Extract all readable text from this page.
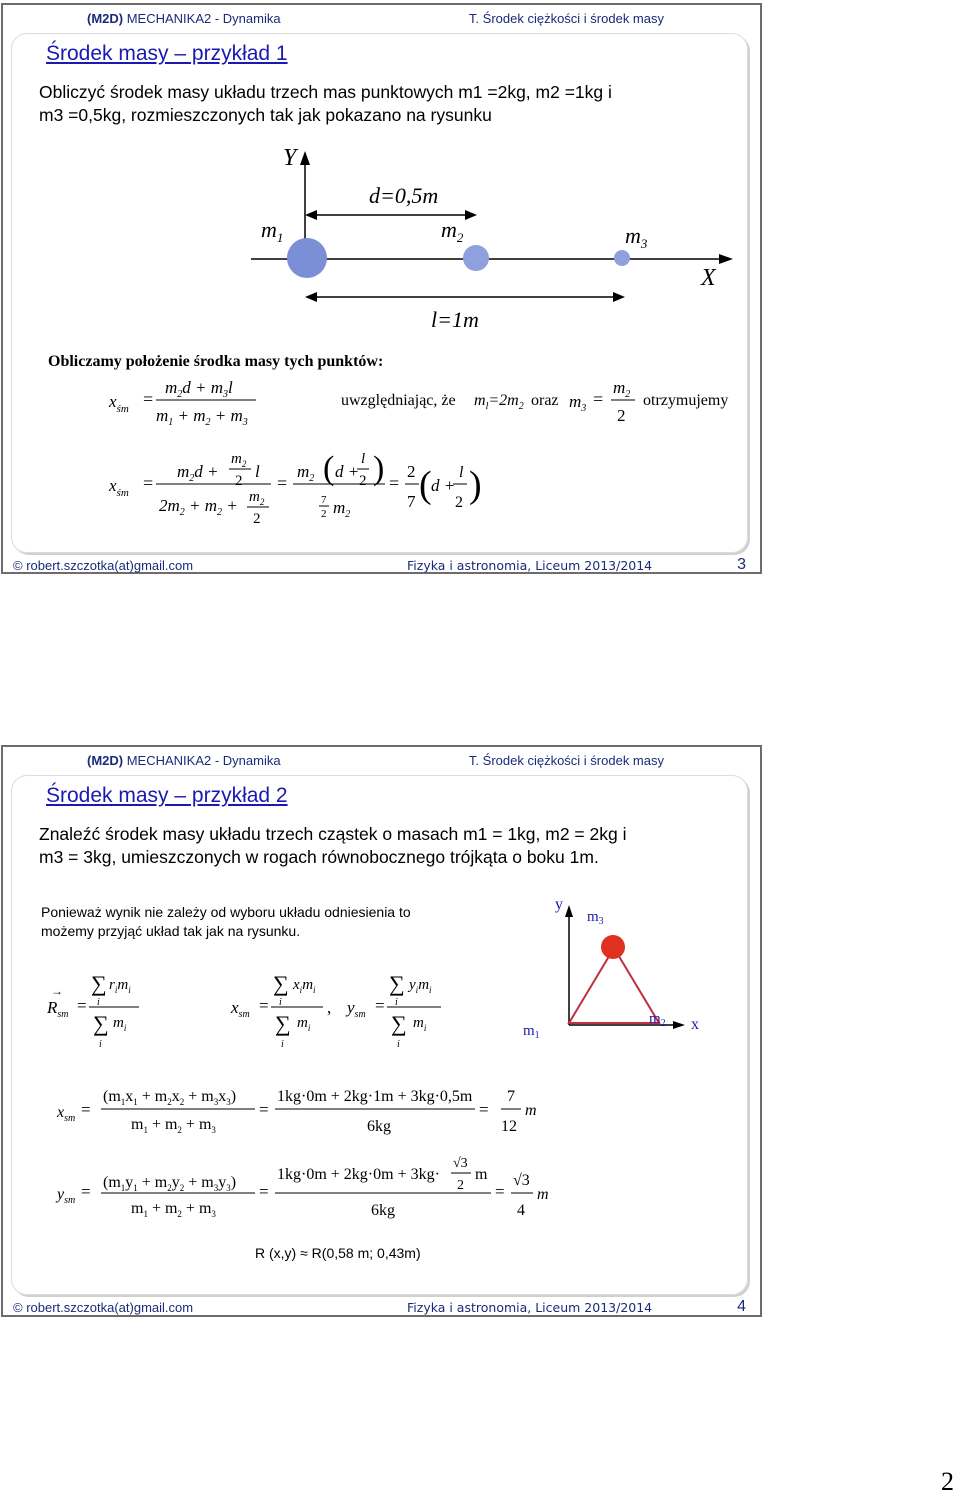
(M2D) MECHANIKA2 - Dynamika	T. Środek ciężkości i środek masy
Środek masy – przykład 1
Obliczyć środek masy układu trzech mas punktowych m1 =2kg, m2 =1kg i
m3 =0,5kg, rozmieszczonych tak jak pokazano na rysunku
Y
X
d=0,5m
l=1m
$m_1$	$m_2$	$m_3$
Obliczamy położenie środka masy tych punktów:
$x_{śm}$ =
$m_2d + m_3l$
$m_1 + m_2 + m_3$
uwzględniając, że $m_l=2m_2$ oraz $m_3$ =
$m_2$
2
otrzymujemy
$x_{śm}$ =
$m_2d$ +
$m_2$
2 l
$2m_2 + m_2 + m_2$
2
=
$m_2$ ( d +
l
2 )
7
2 $m_2$
=
2
7 ( d +
l
2 )
© robert.szczotka(at)gmail.com	Fizyka i astronomia, Liceum 2013/2014	3
(M2D) MECHANIKA2 - Dynamika	T. Środek ciężkości i środek masy
Środek masy – przykład 2
Znaleźć środek masy układu trzech cząstek o masach m1 = 1kg, m2 = 2kg i
m3 = 3kg, umieszczonych w rogach równobocznego trójkąta o boku 1m.
Ponieważ wynik nie zależy od wyboru układu odniesienia to
możemy przyjąć układ tak jak na rysunku.
y
x
$m_3$
$m_1$
$m_2$
$R_{sm}$
→
=
∑ $r_im_i$
i
∑ $m_i$
i
$x_{sm}$ =
∑ $x_im_i$
i
∑ $m_i$
i
, $y_{sm}$ =
∑ $y_im_i$
i
∑ $m_i$
i
$x_{sm}$ =
$(m_1x_1 + m_2x_2 + m_3x_3)$
$m_1 + m_2 + m_3$
=
1kg·0m + 2kg·1m + 3kg·0,5m
6kg
=
7
12
m
$y_{sm} = (m_1y_1 + m_2y_2 + m_3y_3)$
$m_1 + m_2 + m_3$
=
1kg·0m + 2kg·0m + 3kg·
√3
2
m
6kg
=
√3
4
m
R (x,y) ≈ R(0,58 m; 0,43m)
© robert.szczotka(at)gmail.com	Fizyka i astronomia, Liceum 2013/2014	4
2
